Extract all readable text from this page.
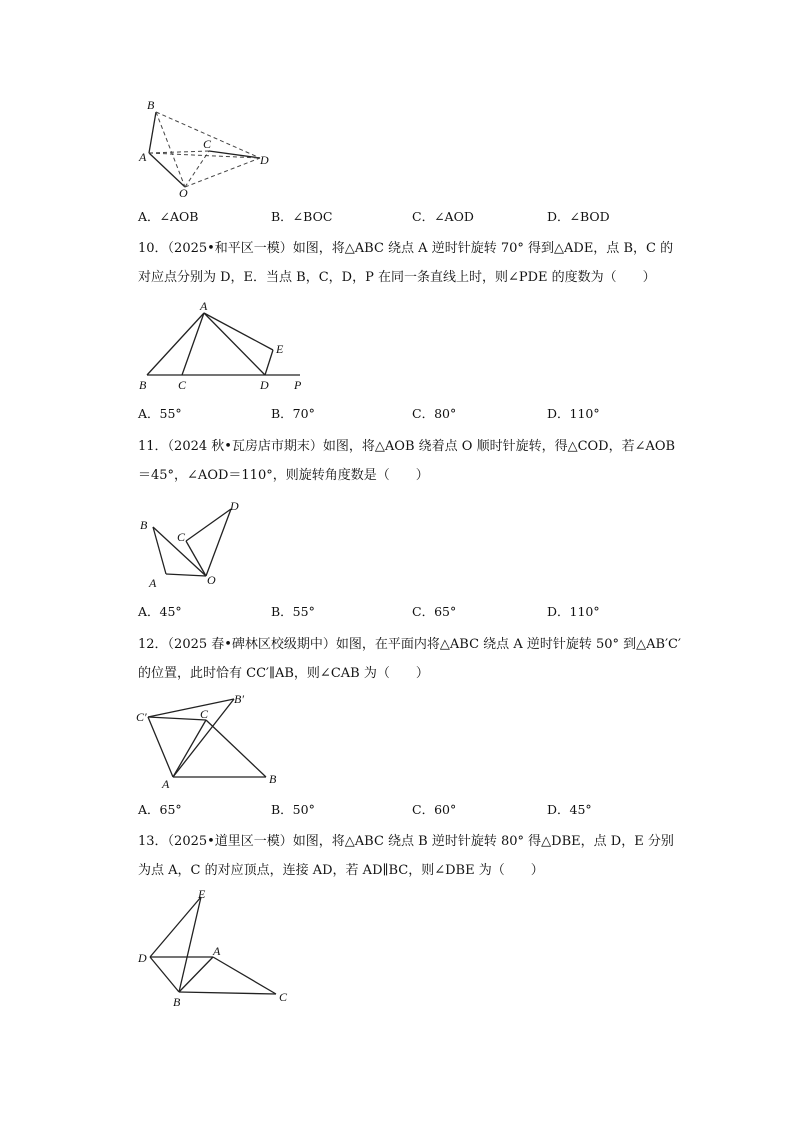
B
A
C
D
O
A．∠AOB	B．∠BOC	C．∠AOD	D．∠BOD
10．（2025•和平区一模）如图，将△ABC 绕点 A 逆时针旋转 70° 得到△ADE，点 B，C 的
对应点分别为 D，E．当点 B，C，D，P 在同一条直线上时，则∠PDE 的度数为（　　）
A
B	C	D
E
P
A．55°	B．70°	C．80°	D．110°
11．（2024 秋•瓦房店市期末）如图，将△AOB 绕着点 O 顺时针旋转，得△COD，若∠AOB
＝45°，∠AOD＝110°，则旋转角度数是（　　）
B
C
D
A	O
A．45°	B．55°	C．65°	D．110°
12．（2025 春•碑林区校级期中）如图，在平面内将△ABC 绕点 A 逆时针旋转 50° 到△AB′C′
的位置，此时恰有 CC′∥AB，则∠CAB 为（　　）
C′
B′
C
A	B
A．65°	B．50°	C．60°	D．45°
13．（2025•道里区一模）如图，将△ABC 绕点 B 逆时针旋转 80° 得△DBE，点 D，E 分别
为点 A，C 的对应顶点，连接 AD，若 AD∥BC，则∠DBE 为（　　）
E
D	A
B	C
